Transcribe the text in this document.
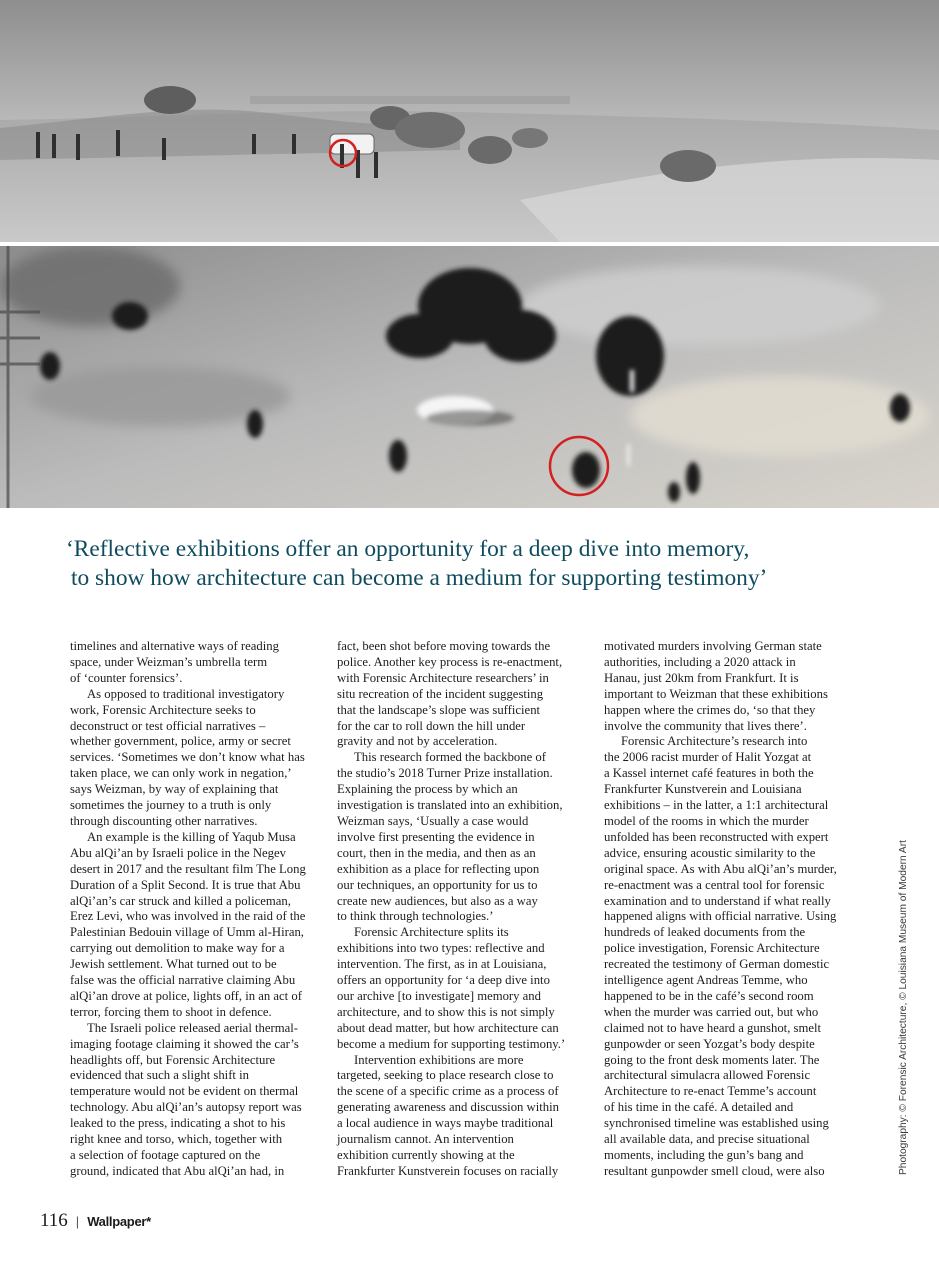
‘Reflective exhibitions offer an opportunity for a deep dive into memory,
to show how architecture can become a medium for supporting testimony’
timelines and alternative ways of reading
space, under Weizman’s umbrella term
of ‘counter forensics’.
As opposed to traditional investigatory
work, Forensic Architecture seeks to
deconstruct or test official narratives –
whether government, police, army or secret
services. ‘Sometimes we don’t know what has
taken place, we can only work in negation,’
says Weizman, by way of explaining that
sometimes the journey to a truth is only
through discounting other narratives.
An example is the killing of Yaqub Musa
Abu alQi’an by Israeli police in the Negev
desert in 2017 and the resultant film The Long
Duration of a Split Second. It is true that Abu
alQi’an’s car struck and killed a policeman,
Erez Levi, who was involved in the raid of the
Palestinian Bedouin village of Umm al-Hiran,
carrying out demolition to make way for a
Jewish settlement. What turned out to be
false was the official narrative claiming Abu
alQi’an drove at police, lights off, in an act of
terror, forcing them to shoot in defence.
The Israeli police released aerial thermal-
imaging footage claiming it showed the car’s
headlights off, but Forensic Architecture
evidenced that such a slight shift in
temperature would not be evident on thermal
technology. Abu alQi’an’s autopsy report was
leaked to the press, indicating a shot to his
right knee and torso, which, together with
a selection of footage captured on the
ground, indicated that Abu alQi’an had, in
fact, been shot before moving towards the
police. Another key process is re-enactment,
with Forensic Architecture researchers’ in
situ recreation of the incident suggesting
that the landscape’s slope was sufficient
for the car to roll down the hill under
gravity and not by acceleration.
This research formed the backbone of
the studio’s 2018 Turner Prize installation.
Explaining the process by which an
investigation is translated into an exhibition,
Weizman says, ‘Usually a case would
involve first presenting the evidence in
court, then in the media, and then as an
exhibition as a place for reflecting upon
our techniques, an opportunity for us to
create new audiences, but also as a way
to think through technologies.’
Forensic Architecture splits its
exhibitions into two types: reflective and
intervention. The first, as in at Louisiana,
offers an opportunity for ‘a deep dive into
our archive [to investigate] memory and
architecture, and to show this is not simply
about dead matter, but how architecture can
become a medium for supporting testimony.’
Intervention exhibitions are more
targeted, seeking to place research close to
the scene of a specific crime as a process of
generating awareness and discussion within
a local audience in ways maybe traditional
journalism cannot. An intervention
exhibition currently showing at the
Frankfurter Kunstverein focuses on racially
motivated murders involving German state
authorities, including a 2020 attack in
Hanau, just 20km from Frankfurt. It is
important to Weizman that these exhibitions
happen where the crimes do, ‘so that they
involve the community that lives there’.
Forensic Architecture’s research into
the 2006 racist murder of Halit Yozgat at
a Kassel internet café features in both the
Frankfurter Kunstverein and Louisiana
exhibitions – in the latter, a 1:1 architectural
model of the rooms in which the murder
unfolded has been reconstructed with expert
advice, ensuring acoustic similarity to the
original space. As with Abu alQi’an’s murder,
re-enactment was a central tool for forensic
examination and to understand if what really
happened aligns with official narrative. Using
hundreds of leaked documents from the
police investigation, Forensic Architecture
recreated the testimony of German domestic
intelligence agent Andreas Temme, who
happened to be in the café’s second room
when the murder was carried out, but who
claimed not to have heard a gunshot, smelt
gunpowder or seen Yozgat’s body despite
going to the front desk moments later. The
architectural simulacra allowed Forensic
Architecture to re-enact Temme’s account
of his time in the café. A detailed and
synchronised timeline was established using
all available data, and precise situational
moments, including the gun’s bang and
resultant gunpowder smell cloud, were also	Photography: © Forensic Architecture, © Louisiana Museum of Modern Art
116 | Wallpaper*
